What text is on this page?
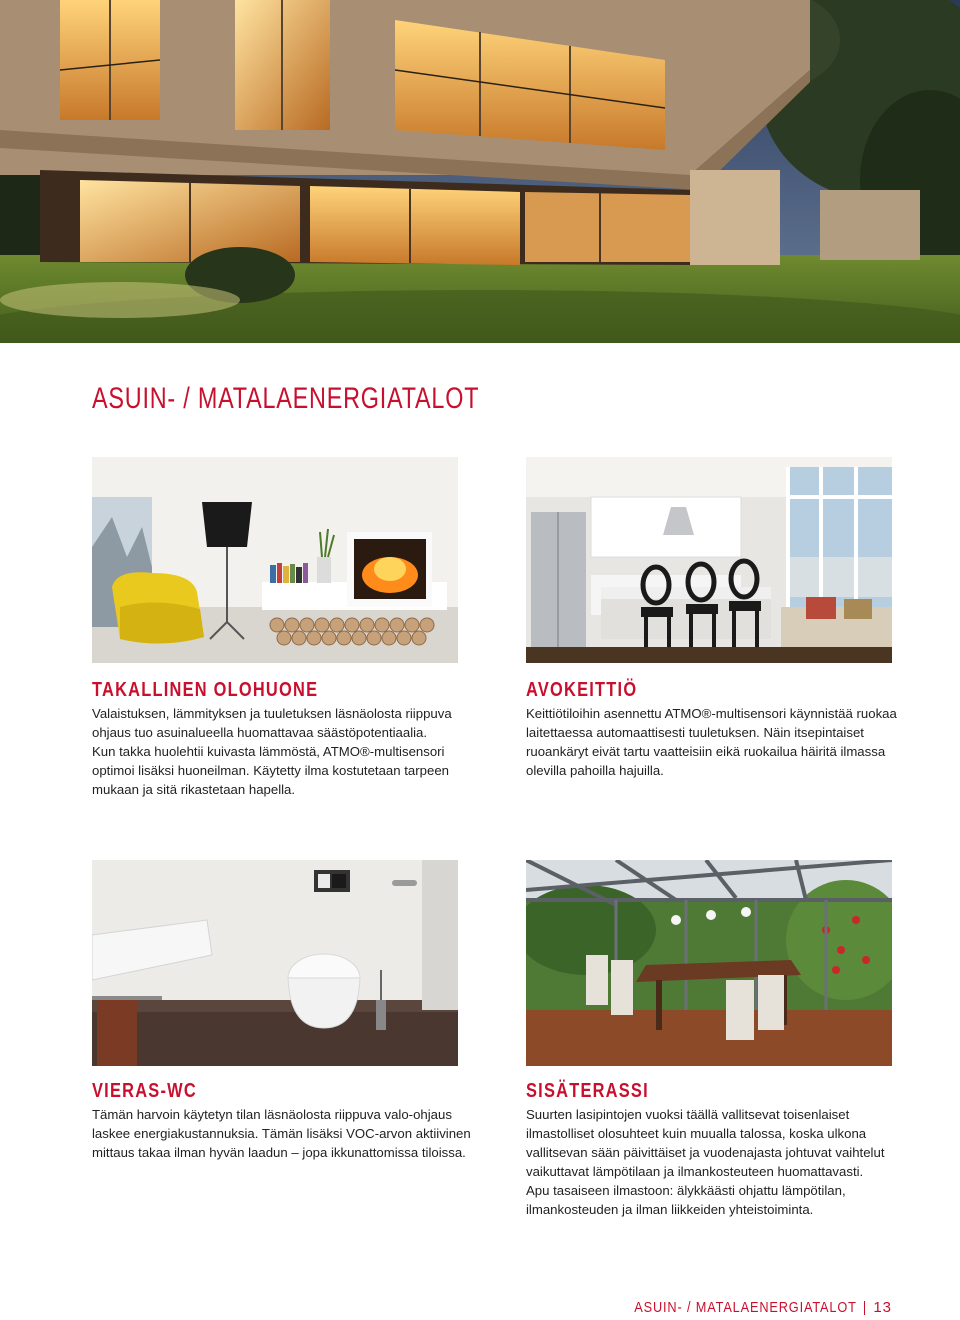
ASUIN- / MATALAENERGIATALOT
TAKALLINEN OLOHUONE
Valaistuksen, lämmityksen ja tuuletuksen läsnäolosta riippuva
ohjaus tuo asuinalueella huomattavaa säästöpotentiaalia.
Kun takka huolehtii kuivasta lämmöstä, ATMO®-multisensori
optimoi lisäksi huoneilman. Käytetty ilma kostutetaan tarpeen
mukaan ja sitä rikastetaan hapella.
AVOKEITTIÖ
Keittiötiloihin asennettu ATMO®-multisensori käynnistää ruokaa
laitettaessa automaattisesti tuuletuksen. Näin itsepintaiset
ruoankäryt eivät tartu vaatteisiin eikä ruokailua häiritä ilmassa
olevilla pahoilla hajuilla.
VIERAS-WC
Tämän harvoin käytetyn tilan läsnäolosta riippuva valo-ohjaus
laskee energiakustannuksia. Tämän lisäksi VOC-arvon aktiivinen
mittaus takaa ilman hyvän laadun – jopa ikkunattomissa tiloissa.
SISÄTERASSI
Suurten lasipintojen vuoksi täällä vallitsevat toisenlaiset
ilmastolliset olosuhteet kuin muualla talossa, koska ulkona
vallitsevan sään päivittäiset ja vuodenajasta johtuvat vaihtelut
vaikuttavat lämpötilaan ja ilmankosteuteen huomattavasti.
Apu tasaiseen ilmastoon: älykkäästi ohjattu lämpötilan,
ilmankosteuden ja ilman liikkeiden yhteistoiminta.
ASUIN- / MATALAENERGIATALOT 13
